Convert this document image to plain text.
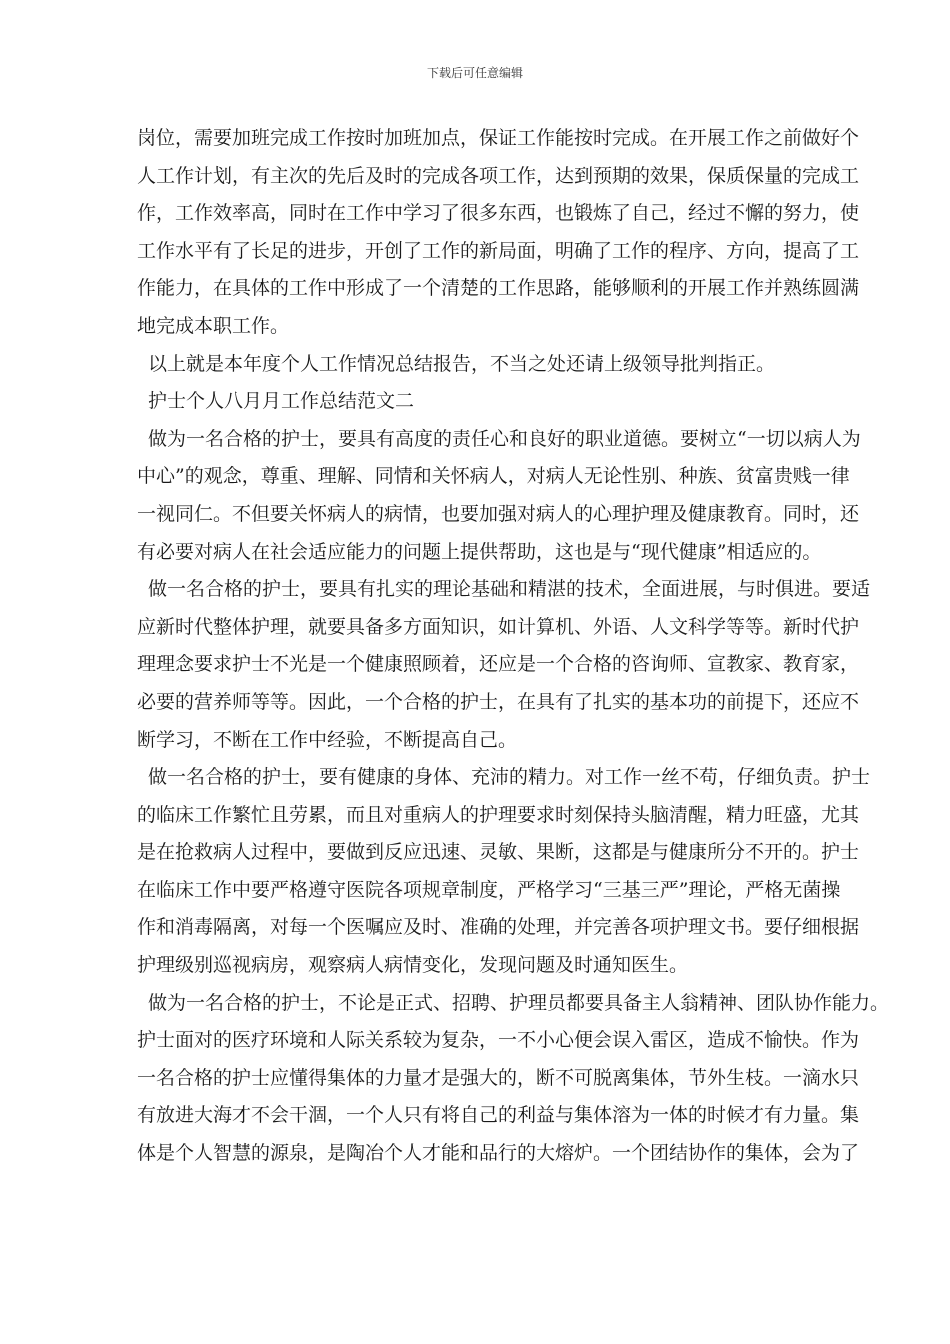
下载后可任意编辑
岗位，需要加班完成工作按时加班加点，保证工作能按时完成。在开展工作之前做好个
人工作计划，有主次的先后及时的完成各项工作，达到预期的效果，保质保量的完成工
作，工作效率高，同时在工作中学习了很多东西，也锻炼了自己，经过不懈的努力，使
工作水平有了长足的进步，开创了工作的新局面，明确了工作的程序、方向，提高了工
作能力，在具体的工作中形成了一个清楚的工作思路，能够顺利的开展工作并熟练圆满
地完成本职工作。
以上就是本年度个人工作情况总结报告，不当之处还请上级领导批判指正。
护士个人八月月工作总结范文二
做为一名合格的护士，要具有高度的责任心和良好的职业道德。要树立“一切以病人为
中心”的观念，尊重、理解、同情和关怀病人，对病人无论性别、种族、贫富贵贱一律
一视同仁。不但要关怀病人的病情，也要加强对病人的心理护理及健康教育。同时，还
有必要对病人在社会适应能力的问题上提供帮助，这也是与“现代健康”相适应的。
做一名合格的护士，要具有扎实的理论基础和精湛的技术，全面进展，与时俱进。要适
应新时代整体护理，就要具备多方面知识，如计算机、外语、人文科学等等。新时代护
理理念要求护士不光是一个健康照顾着，还应是一个合格的咨询师、宣教家、教育家，
必要的营养师等等。因此，一个合格的护士，在具有了扎实的基本功的前提下，还应不
断学习，不断在工作中经验，不断提高自己。
做一名合格的护士，要有健康的身体、充沛的精力。对工作一丝不苟，仔细负责。护士
的临床工作繁忙且劳累，而且对重病人的护理要求时刻保持头脑清醒，精力旺盛，尤其
是在抢救病人过程中，要做到反应迅速、灵敏、果断，这都是与健康所分不开的。护士
在临床工作中要严格遵守医院各项规章制度，严格学习“三基三严”理论，严格无菌操
作和消毒隔离，对每一个医嘱应及时、准确的处理，并完善各项护理文书。要仔细根据
护理级别巡视病房，观察病人病情变化，发现问题及时通知医生。
做为一名合格的护士，不论是正式、招聘、护理员都要具备主人翁精神、团队协作能力。
护士面对的医疗环境和人际关系较为复杂，一不小心便会误入雷区，造成不愉快。作为
一名合格的护士应懂得集体的力量才是强大的，断不可脱离集体，节外生枝。一滴水只
有放进大海才不会干涸，一个人只有将自己的利益与集体溶为一体的时候才有力量。集
体是个人智慧的源泉，是陶冶个人才能和品行的大熔炉。一个团结协作的集体，会为了
